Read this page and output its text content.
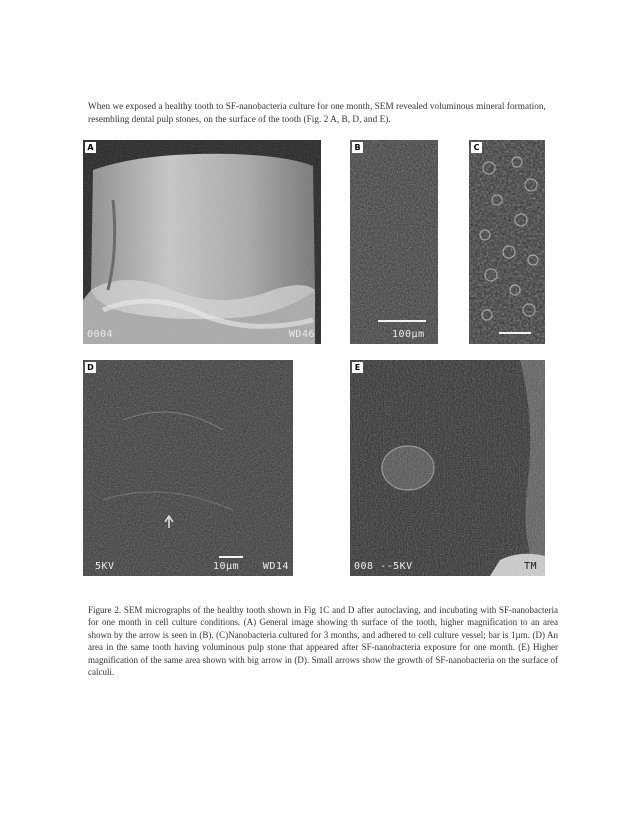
When we exposed a healthy tooth to SF-nanobacteria culture for one month, SEM revealed voluminous mineral formation, resembling dental pulp stones, on the surface of the tooth (Fig. 2 A, B, D, and E).
A
0004	WD46
B
100µm
C
D
5KV	10µm WD14
E
008 --5KV	TM
Figure 2. SEM micrographs of the healthy tooth shown in Fig 1C and D after autoclaving, and incubating with SF-nanobacteria for one month in cell culture conditions. (A) General image showing th surface of the tooth, higher magnification to an area shown by the arrow is seen in (B). (C)Nanobacteria cultured for 3 months, and adhered to cell culture vessel; bar is 1µm. (D) An area in the same tooth having voluminous pulp stone that appeared after SF-nanobacteria exposure for one month. (E) Higher magnification of the same area shown with big arrow in (D). Small arrows show the growth of SF-nanobacteria on the surface of calculi.
